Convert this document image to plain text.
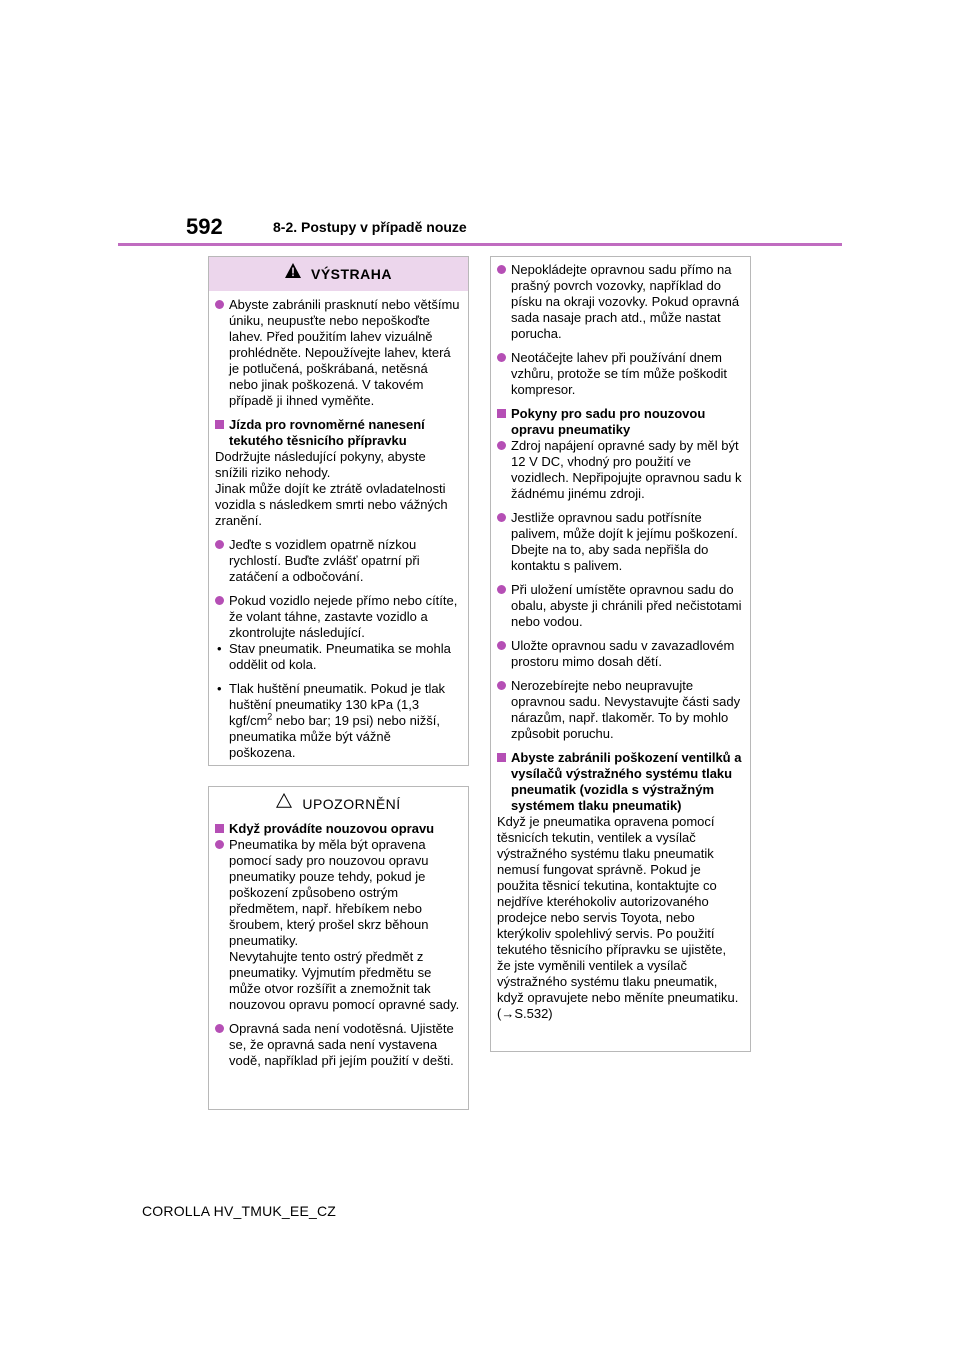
592	8-2. Postupy v případě nouze
VÝSTRAHA

Abyste zabránili prasknutí nebo většímu úniku, neupusťte nebo nepoškoďte lahev. Před použitím lahev vizuálně prohlédněte. Nepoužívejte lahev, která je potlučená, poškrábaná, netěsná nebo jinak poškozená. V takovém případě ji ihned vyměňte.

Jízda pro rovnoměrné nanesení tekutého těsnicího přípravku

Dodržujte následující pokyny, abyste snížili riziko nehody.

Jinak může dojít ke ztrátě ovladatelnosti vozidla s následkem smrti nebo vážných zranění.

Jeďte s vozidlem opatrně nízkou rychlostí. Buďte zvlášť opatrní při zatáčení a odbočování.

Pokud vozidlo nejede přímo nebo cítíte, že volant táhne, zastavte vozidlo a zkontrolujte následující.

• Stav pneumatik. Pneumatika se mohla oddělit od kola.

• Tlak huštění pneumatik. Pokud je tlak huštění pneumatiky 130 kPa (1,3 kgf/$cm^2$ nebo bar; 19 psi) nebo nižší, pneumatika může být vážně poškozena.

UPOZORNĚNÍ

Když provádíte nouzovou opravu

Pneumatika by měla být opravena pomocí sady pro nouzovou opravu pneumatiky pouze tehdy, pokud je poškození způsobeno ostrým předmětem, např. hřebíkem nebo šroubem, který prošel skrz běhoun pneumatiky.

Nevytahujte tento ostrý předmět z pneumatiky. Vyjmutím předmětu se může otvor rozšířit a znemožnit tak nouzovou opravu pomocí opravné sady.

Opravná sada není vodotěsná. Ujistěte se, že opravná sada není vystavena vodě, například při jejím použití v dešti.

Nepokládejte opravnou sadu přímo na prašný povrch vozovky, například do písku na okraji vozovky. Pokud opravná sada nasaje prach atd., může nastat porucha.

Neotáčejte lahev při používání dnem vzhůru, protože se tím může poškodit kompresor.

Pokyny pro sadu pro nouzovou opravu pneumatiky

Zdroj napájení opravné sady by měl být 12 V DC, vhodný pro použití ve vozidlech. Nepřipojujte opravnou sadu k žádnému jinému zdroji.

Jestliže opravnou sadu potřísníte palivem, může dojít k jejímu poškození. Dbejte na to, aby sada nepřišla do kontaktu s palivem.

Při uložení umístěte opravnou sadu do obalu, abyste ji chránili před nečistotami nebo vodou.

Uložte opravnou sadu v zavazadlovém prostoru mimo dosah dětí.

Nerozebírejte nebo neupravujte opravnou sadu. Nevystavujte části sady nárazům, např. tlakoměr. To by mohlo způsobit poruchu.

Abyste zabránili poškození ventilků a vysílačů výstražného systému tlaku pneumatik (vozidla s výstražným systémem tlaku pneumatik)

Když je pneumatika opravena pomocí těsnicích tekutin, ventilek a vysílač výstražného systému tlaku pneumatik nemusí fungovat správně. Pokud je použita těsnicí tekutina, kontaktujte co nejdříve kteréhokoliv autorizovaného prodejce nebo servis Toyota, nebo kterýkoliv spolehlivý servis. Po použití tekutého těsnicího přípravku se ujistěte, že jste vyměnili ventilek a vysílač výstražného systému tlaku pneumatik, když opravujete nebo měníte pneumatiku. (→S.532)

COROLLA HV_TMUK_EE_CZ
